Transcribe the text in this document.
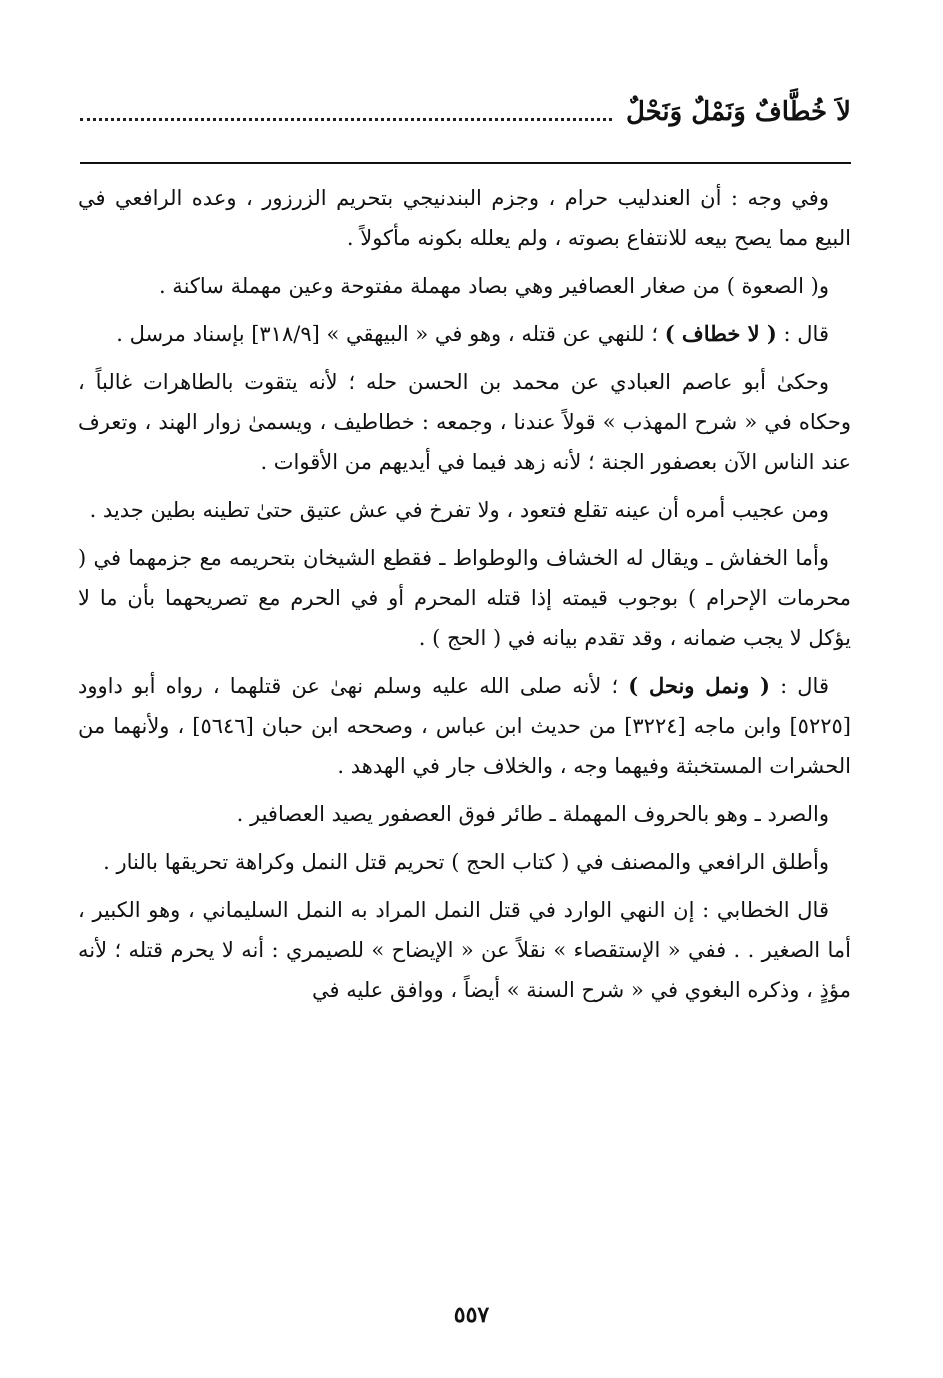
لاَ خُطَّافٌ وَنَمْلٌ وَنَحْلٌ

وفي وجه : أن العندليب حرام ، وجزم البندنيجي بتحريم الزرزور ، وعده الرافعي في البيع مما يصح بيعه للانتفاع بصوته ، ولم يعلله بكونه مأكولاً .

و( الصعوة ) من صغار العصافير وهي بصاد مهملة مفتوحة وعين مهملة ساكنة .

قال : ( لا خطاف ) ؛ للنهي عن قتله ، وهو في « البيهقي » [٣١٨/٩] بإسناد مرسل .

وحكىٰ أبو عاصم العبادي عن محمد بن الحسن حله ؛ لأنه يتقوت بالطاهرات غالباً ، وحكاه في « شرح المهذب » قولاً عندنا ، وجمعه : خطاطيف ، ويسمىٰ زوار الهند ، وتعرف عند الناس الآن بعصفور الجنة ؛ لأنه زهد فيما في أيديهم من الأقوات .

ومن عجيب أمره أن عينه تقلع فتعود ، ولا تفرخ في عش عتيق حتىٰ تطينه بطين جديد .

وأما الخفاش ـ ويقال له الخشاف والوطواط ـ فقطع الشيخان بتحريمه مع جزمهما في ( محرمات الإحرام ) بوجوب قيمته إذا قتله المحرم أو في الحرم مع تصريحهما بأن ما لا يؤكل لا يجب ضمانه ، وقد تقدم بيانه في ( الحج ) .

قال : ( ونمل ونحل ) ؛ لأنه صلى الله عليه وسلم نهىٰ عن قتلهما ، رواه أبو داوود [٥٢٢٥] وابن ماجه [٣٢٢٤] من حديث ابن عباس ، وصححه ابن حبان [٥٦٤٦] ، ولأنهما من الحشرات المستخبثة وفيهما وجه ، والخلاف جار في الهدهد .

والصرد ـ وهو بالحروف المهملة ـ طائر فوق العصفور يصيد العصافير .

وأطلق الرافعي والمصنف في ( كتاب الحج ) تحريم قتل النمل وكراهة تحريقها بالنار .

قال الخطابي : إن النهي الوارد في قتل النمل المراد به النمل السليماني ، وهو الكبير ، أما الصغير . . ففي « الإستقصاء » نقلاً عن « الإيضاح » للصيمري : أنه لا يحرم قتله ؛ لأنه مؤذٍ ، وذكره البغوي في « شرح السنة » أيضاً ، ووافق عليه في

٥٥٧
